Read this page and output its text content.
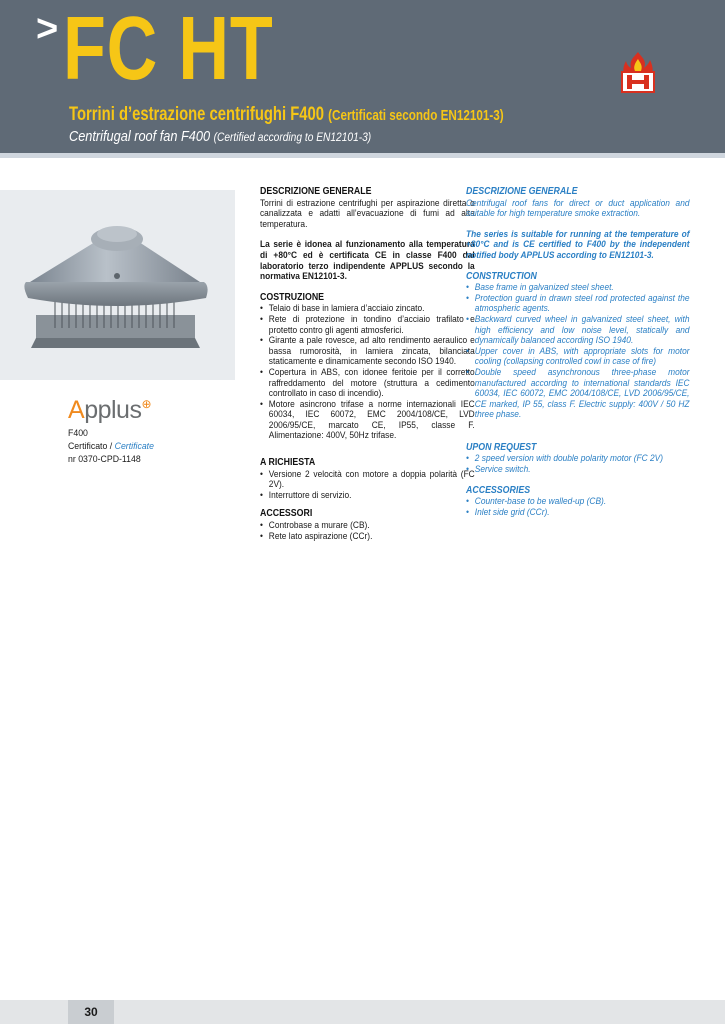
> FC HT
Torrini d’estrazione centrifughi F400 (Certificati secondo EN12101-3)
Centrifugal roof fan F400 (Certified according to EN12101-3)
Applus⊕
F400
Certificato / Certificate
nr 0370-CPD-1148
DESCRIZIONE GENERALE
Torrini di estrazione centrifughi per aspirazione diretta o canalizzata e adatti all’evacuazione di fumi ad alta temperatura.
La serie è idonea al funzionamento alla temperatura di +80°C ed è certificata CE in classe F400 dal laboratorio terzo indipendente APPLUS secondo la normativa EN12101-3.
COSTRUZIONE
• Telaio di base in lamiera d’acciaio zincato.
• Rete di protezione in tondino d’acciaio trafilato e protetto contro gli agenti atmosferici.
• Girante a pale rovesce, ad alto rendimento aeraulico e bassa rumorosità, in lamiera zincata, bilanciata staticamente e dinamicamente secondo ISO 1940.
• Copertura in ABS, con idonee feritoie per il corretto raffreddamento del motore (struttura a cedimento controllato in caso di incendio).
• Motore asincrono trifase a norme internazionali IEC 60034, IEC 60072, EMC 2004/108/CE, LVD 2006/95/CE, marcato CE, IP55, classe F. Alimentazione: 400V, 50Hz trifase.
A RICHIESTA
• Versione 2 velocità con motore a doppia polarità (FC 2V).
• Interruttore di servizio.
ACCESSORI
• Controbase a murare (CB).
• Rete lato aspirazione (CCr).
DESCRIZIONE GENERALE
Centrifugal roof fans for direct or duct application and suitable for high temperature smoke extraction.
The series is suitable for running at the temperature of +80°C and is CE certified to F400 by the independent notified body APPLUS according to EN12101-3.
CONSTRUCTION
• Base frame in galvanized steel sheet.
• Protection guard in drawn steel rod protected against the atmospheric agents.
• Backward curved wheel in galvanized steel sheet, with high efficiency and low noise level, statically and dynamically balanced according ISO 1940.
• Upper cover in ABS, with appropriate slots for motor cooling (collapsing controlled cowl in case of fire)
• Double speed asynchronous three-phase motor manufactured according to international standards IEC 60034, IEC 60072, EMC 2004/108/CE, LVD 2006/95/CE, CE marked, IP 55, class F. Electric supply: 400V / 50 HZ three phase.
UPON REQUEST
• 2 speed version with double polarity motor (FC 2V)
• Service switch.
ACCESSORIES
• Counter-base to be walled-up (CB).
• Inlet side grid (CCr).
30
